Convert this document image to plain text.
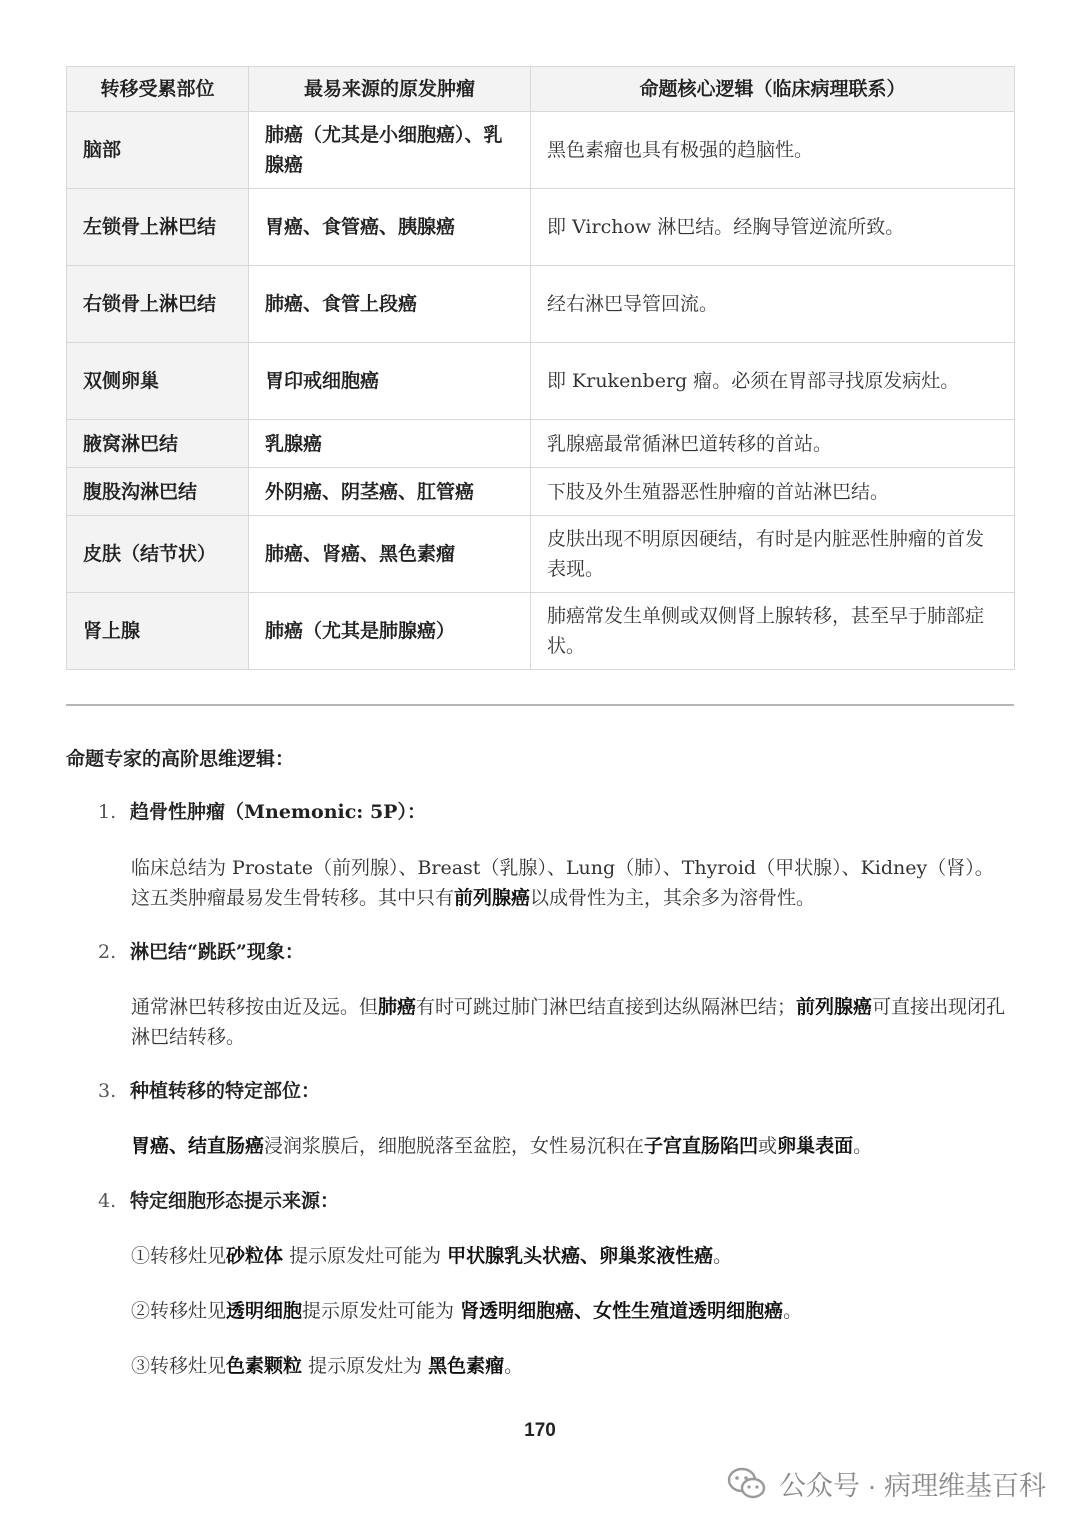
转移受累部位	最易来源的原发肿瘤	命题核心逻辑（临床病理联系）
脑部	肺癌（尤其是小细胞癌）、乳腺癌	黑色素瘤也具有极强的趋脑性。
左锁骨上淋巴结	胃癌、食管癌、胰腺癌	即 Virchow 淋巴结。经胸导管逆流所致。
右锁骨上淋巴结	肺癌、食管上段癌	经右淋巴导管回流。
双侧卵巢	胃印戒细胞癌	即 Krukenberg 瘤。必须在胃部寻找原发病灶。
腋窝淋巴结	乳腺癌	乳腺癌最常循淋巴道转移的首站。
腹股沟淋巴结	外阴癌、阴茎癌、肛管癌	下肢及外生殖器恶性肿瘤的首站淋巴结。
皮肤（结节状）	肺癌、肾癌、黑色素瘤	皮肤出现不明原因硬结，有时是内脏恶性肿瘤的首发表现。
肾上腺	肺癌（尤其是肺腺癌）	肺癌常发生单侧或双侧肾上腺转移，甚至早于肺部症状。
命题专家的高阶思维逻辑：
1. 趋骨性肿瘤（Mnemonic: 5P）：
临床总结为 Prostate（前列腺）、Breast（乳腺）、Lung（肺）、Thyroid（甲状腺）、Kidney（肾）。这五类肿瘤最易发生骨转移。其中只有前列腺癌以成骨性为主，其余多为溶骨性。
2. 淋巴结“跳跃”现象：
通常淋巴转移按由近及远。但肺癌有时可跳过肺门淋巴结直接到达纵隔淋巴结；前列腺癌可直接出现闭孔淋巴结转移。
3. 种植转移的特定部位：
胃癌、结直肠癌浸润浆膜后，细胞脱落至盆腔，女性易沉积在子宫直肠陷凹或卵巢表面。
4. 特定细胞形态提示来源：
①转移灶见砂粒体 提示原发灶可能为 甲状腺乳头状癌、卵巢浆液性癌。
②转移灶见透明细胞提示原发灶可能为 肾透明细胞癌、女性生殖道透明细胞癌。
③转移灶见色素颗粒 提示原发灶为 黑色素瘤。
170
公众号 · 病理维基百科
